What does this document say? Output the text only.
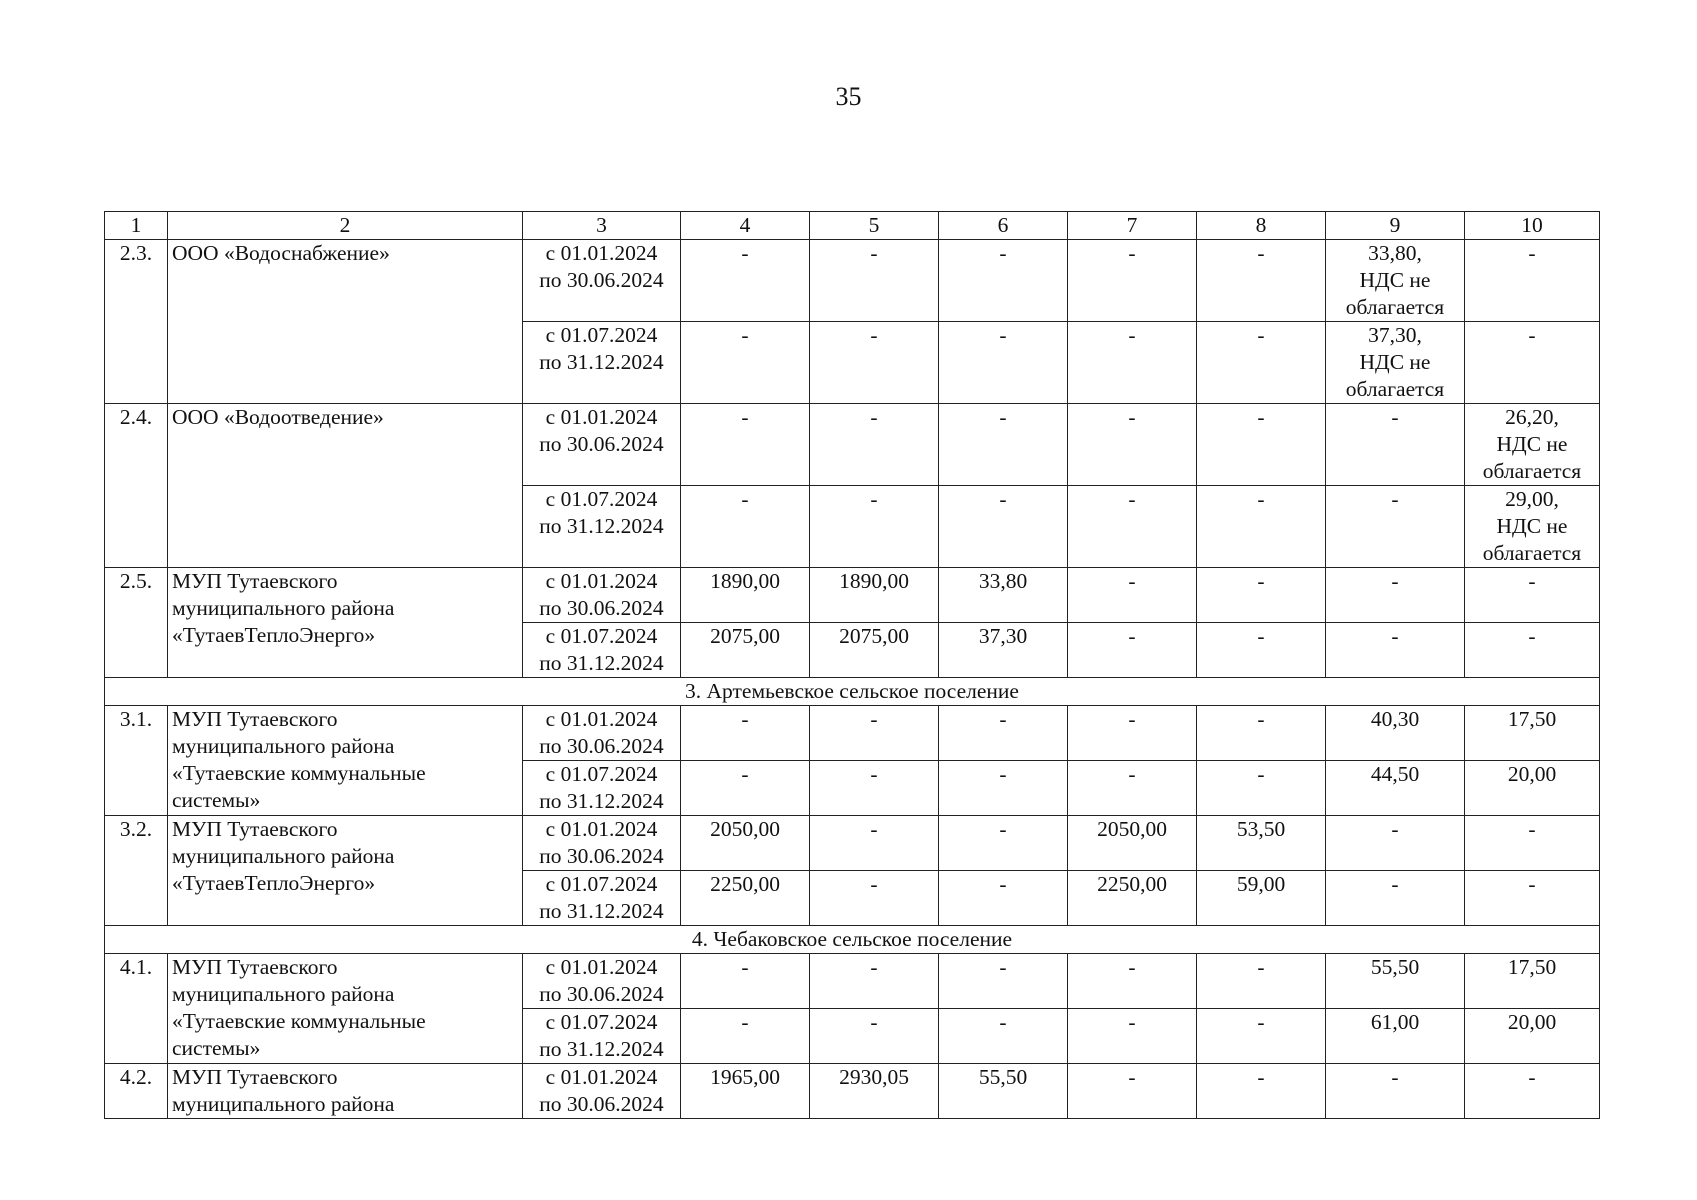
35
1	2	3	4	5	6	7	8	9	10
2.3.	ООО «Водоснабжение»	с 01.01.2024
по 30.06.2024	-	-	-	-	-	33,80,
НДС не
облагается	-

		с 01.07.2024
по 31.12.2024	-	-	-	-	-	37,30,
НДС не
облагается	-
2.4.	ООО «Водоотведение»	с 01.01.2024
по 30.06.2024	-	-	-	-	-	-	26,20,
НДС не
облагается

		с 01.07.2024
по 31.12.2024	-	-	-	-	-	-	29,00,
НДС не
облагается

2.5.	МУП Тутаевского
муниципального района
«ТутаевТеплоЭнерго»	с 01.01.2024
по 30.06.2024	1890,00	1890,00	33,80	-	-	-	-

		с 01.07.2024
по 31.12.2024	2075,00	2075,00	37,30	-	-	-	-
3. Артемьевское сельское поселение									
3.1.	МУП Тутаевского
муниципального района
«Тутаевские коммунальные
системы»	с 01.01.2024
по 30.06.2024	-	-	-	-	-	40,30	17,50

		с 01.07.2024
по 31.12.2024	-	-	-	-	-	44,50	20,00
3.2.	МУП Тутаевского
муниципального района
«ТутаевТеплоЭнерго»	с 01.01.2024
по 30.06.2024	2050,00	-	-	2050,00	53,50	-	-

		с 01.07.2024
по 31.12.2024	2250,00	-	-	2250,00	59,00	-	-
4. Чебаковское сельское поселение									
4.1.	МУП Тутаевского
муниципального района
«Тутаевские коммунальные
системы»	с 01.01.2024
по 30.06.2024	-	-	-	-	-	55,50	17,50

		с 01.07.2024
по 31.12.2024	-	-	-	-	-	61,00	20,00
4.2.	МУП Тутаевского
муниципального района	с 01.01.2024
по 30.06.2024	1965,00	2930,05	55,50	-	-	-	-
